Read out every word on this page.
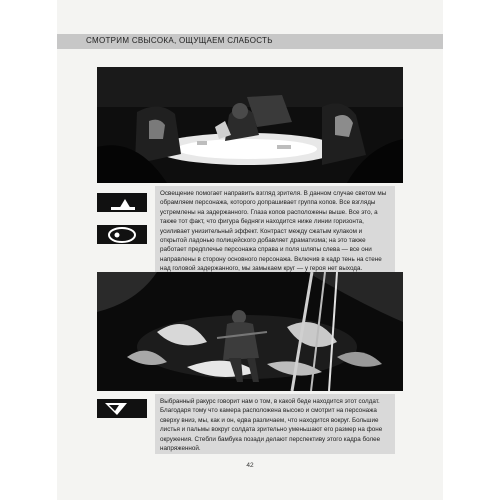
СМОТРИМ СВЫСОКА, ОЩУЩАЕМ СЛАБОСТЬ
Освещение помогает направить взгляд зрителя. В данном случае светом мы обрамляем персонажа, которого допрашивает группа копов. Все взгляды устремлены на задержанного. Глаза копов расположены выше. Все это, а также тот факт, что фигура бедняги находится ниже линии горизонта, усиливает унизительный эффект. Контраст между сжатым кулаком и открытой ладонью полицейского добавляет драматизма; на это также работает предплечье персонажа справа и поля шляпы слева — все они направлены в сторону основного персонажа. Включив в кадр тень на стене над головой задержанного, мы замыкаем круг — у героя нет выхода.
Выбранный ракурс говорит нам о том, в какой беде находится этот солдат. Благодаря тому что камера расположена высоко и смотрит на персонажа сверху вниз, мы, как и он, едва различаем, что находится вокруг. Большие листья и пальмы вокруг солдата зрительно уменьшают его размер на фоне окружения. Стебли бамбука позади делают перспективу этого кадра более напряженной.
42
